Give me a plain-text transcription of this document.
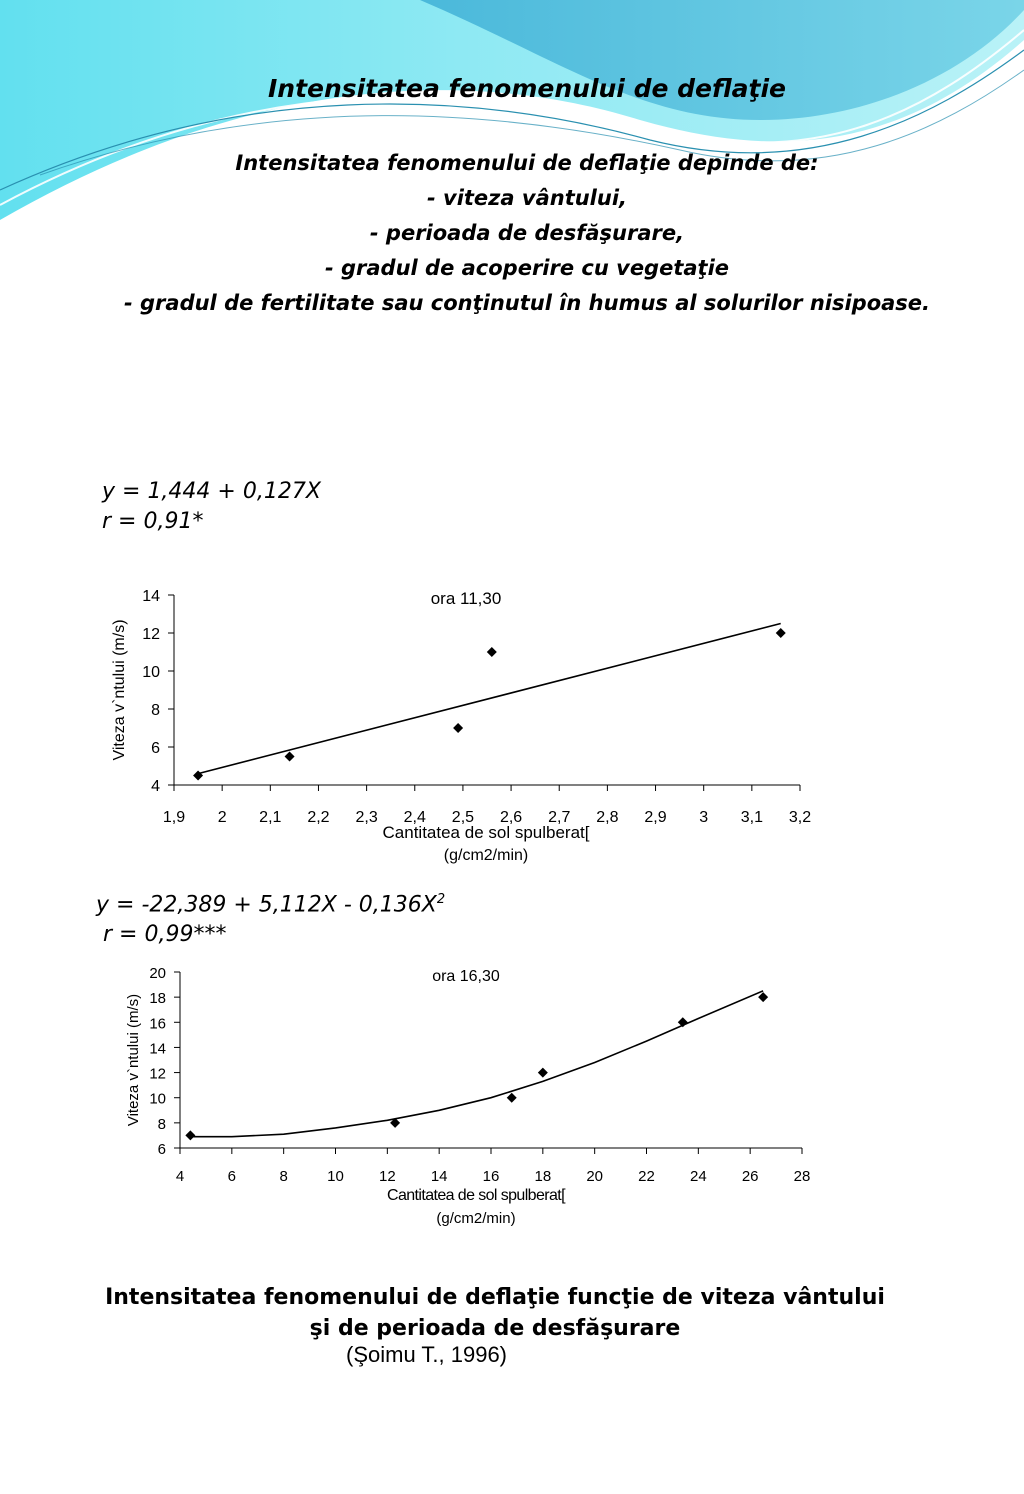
Intensitatea fenomenului de deflaţie
Intensitatea fenomenului de deflaţie depinde de:
- viteza vântului,
- perioada de desfăşurare,
- gradul de acoperire cu vegetaţie
- gradul de fertilitate sau conţinutul în humus al solurilor nisipoase.
y = 1,444 + 0,127X
r = 0,91*
4
6
8
10
12
14
1,9 2 2,1 2,2 2,3 2,4 2,5 2,6 2,7 2,8 2,9 3 3,1 3,2
ora 11,30
Cantitatea de sol spulberat[
(g/cm2/min)
Viteza v`ntului (m/s)
$y = -22,389 + 5,112X - 0,136X^2$
r = 0,99***
6
8
10
12
14
16
18
20
4	6	8	10 12 14 16 18 20 22 24 26 28
ora 16,30
Cantitatea de sol spulberat[
(g/cm2/min)
Viteza v`ntului (m/s)
Intensitatea fenomenului de deflaţie funcţie de viteza vântului
şi de perioada de desfăşurare
(Şoimu T., 1996)
